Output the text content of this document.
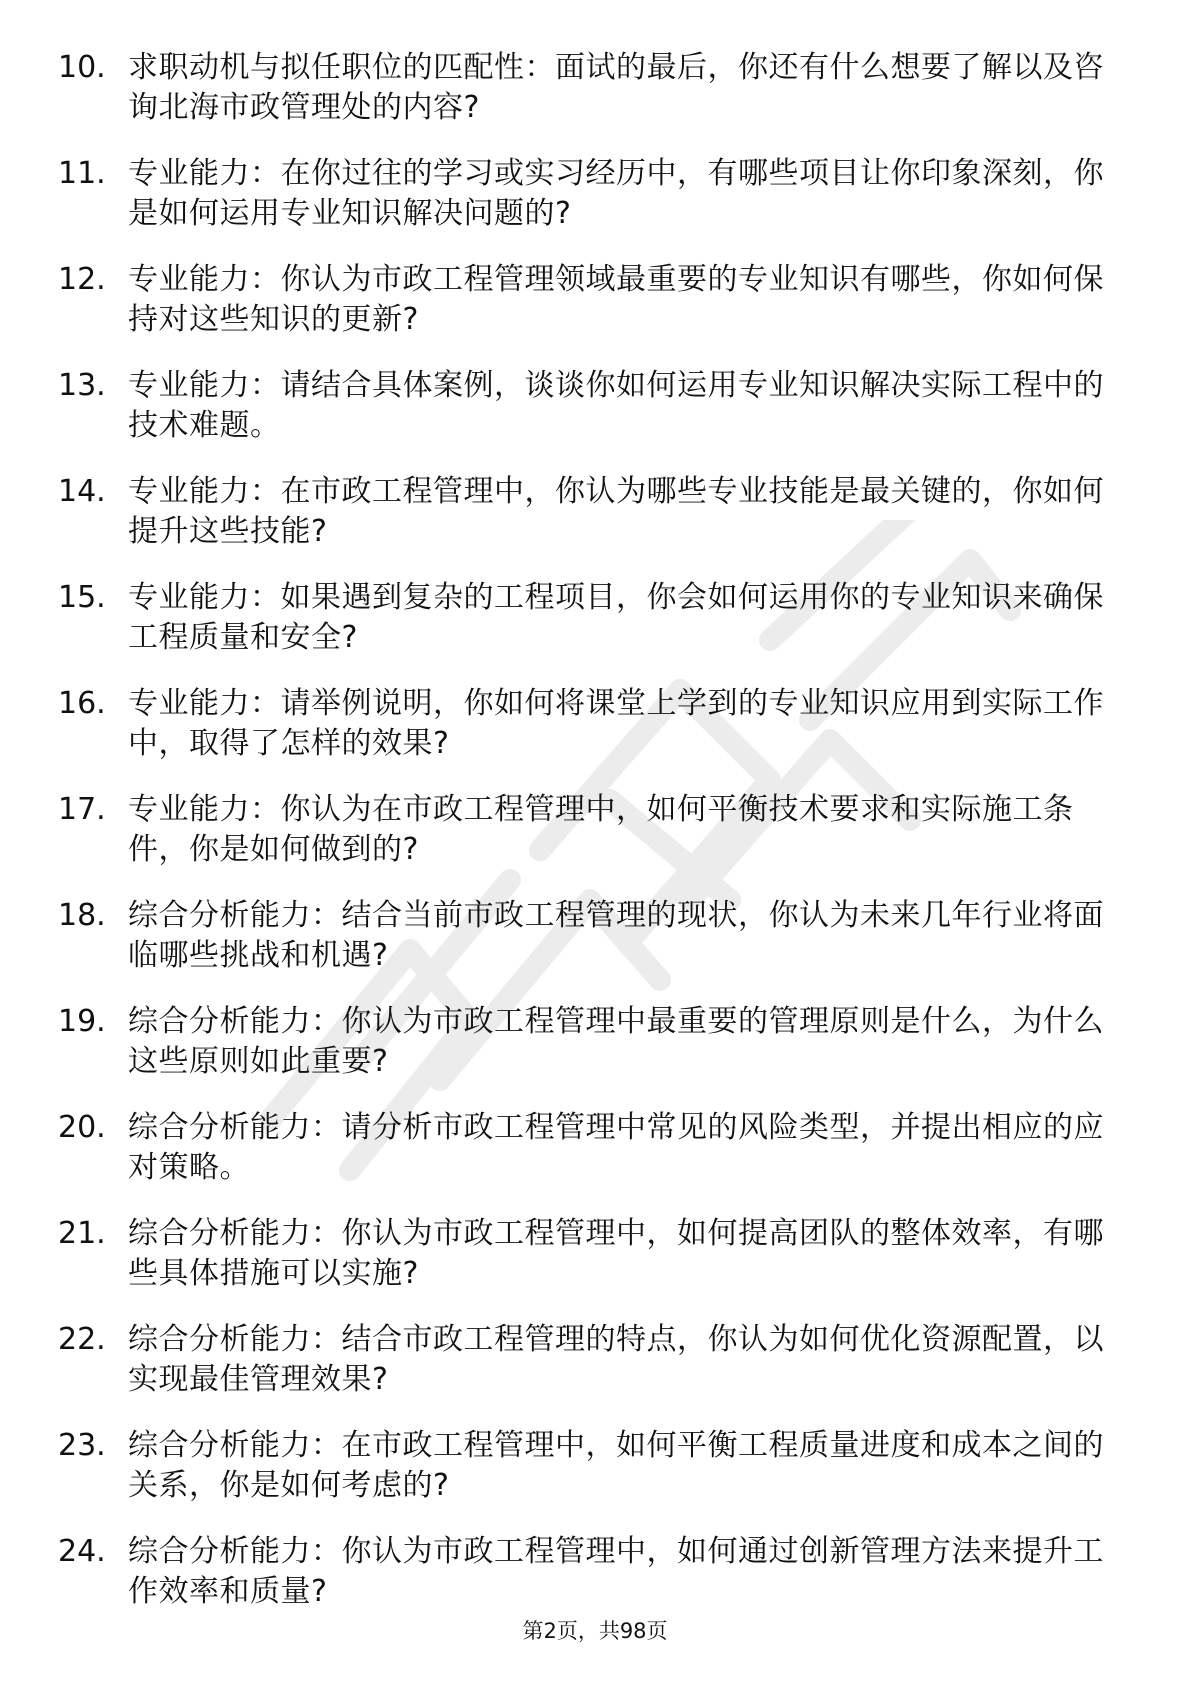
10. 求职动机与拟任职位的匹配性：面试的最后，你还有什么想要了解以及咨询北海市政管理处的内容?
11. 专业能力：在你过往的学习或实习经历中，有哪些项目让你印象深刻，你是如何运用专业知识解决问题的?
12. 专业能力：你认为市政工程管理领域最重要的专业知识有哪些，你如何保持对这些知识的更新?
13. 专业能力：请结合具体案例，谈谈你如何运用专业知识解决实际工程中的技术难题。
14. 专业能力：在市政工程管理中，你认为哪些专业技能是最关键的，你如何提升这些技能?
15. 专业能力：如果遇到复杂的工程项目，你会如何运用你的专业知识来确保工程质量和安全?
16. 专业能力：请举例说明，你如何将课堂上学到的专业知识应用到实际工作中，取得了怎样的效果?
17. 专业能力：你认为在市政工程管理中，如何平衡技术要求和实际施工条件，你是如何做到的?
18. 综合分析能力：结合当前市政工程管理的现状，你认为未来几年行业将面临哪些挑战和机遇?
19. 综合分析能力：你认为市政工程管理中最重要的管理原则是什么，为什么这些原则如此重要?
20. 综合分析能力：请分析市政工程管理中常见的风险类型，并提出相应的应对策略。
21. 综合分析能力：你认为市政工程管理中，如何提高团队的整体效率，有哪些具体措施可以实施?
22. 综合分析能力：结合市政工程管理的特点，你认为如何优化资源配置，以实现最佳管理效果?
23. 综合分析能力：在市政工程管理中，如何平衡工程质量进度和成本之间的关系，你是如何考虑的?
24. 综合分析能力：你认为市政工程管理中，如何通过创新管理方法来提升工作效率和质量?
第2页，共98页
